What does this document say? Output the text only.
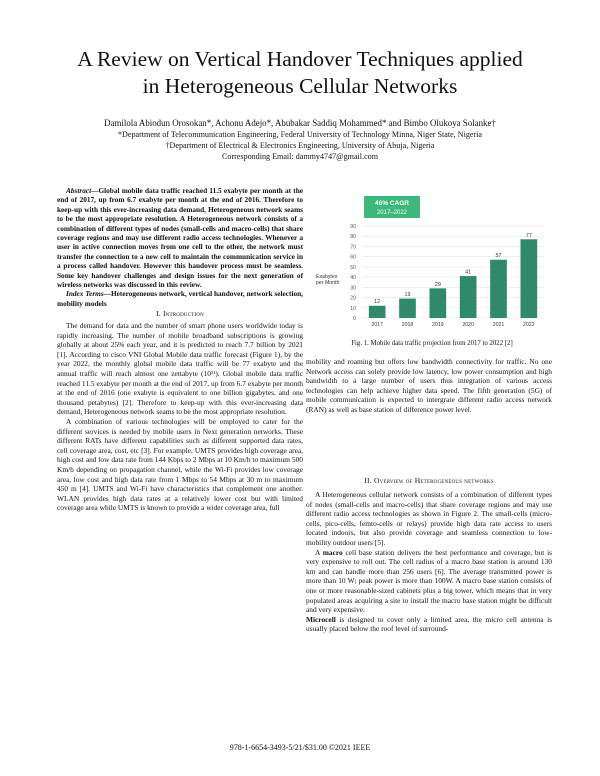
A Review on Vertical Handover Techniques applied
in Heterogeneous Cellular Networks
Damilola Abiodun Orosokan*, Achonu Adejo*, Abubakar Saddiq Mohammed* and Bimbo Olukoya Solanke†
*Department of Telecommunication Engineering, Federal University of Technology Minna, Niger State, Nigeria
†Department of Electrical & Electronics Engineering, University of Abuja, Nigeria
Corresponding Email: dammy4747@gmail.com

Abstract—Global mobile data traffic reached 11.5 exabyte per month at the end of 2017, up from 6.7 exabyte per month at the end of 2016. Therefore to keep-up with this ever-increasing data demand, Heterogeneous network seams to be the most appropriate resolution. A Heterogeneous network consists of a combination of different types of nodes (small-cells and macro-cells) that share coverage regions and may use different radio access technologies. Whenever a user in active connection moves from one cell to the other, the network must transfer the connection to a new cell to maintain the communication service in a process called handover. However this handover process must be seamless. Some key handover challenges and design issues for the next generation of wireless networks was discussed in this review.

Index Terms—Heterogeneous network, vertical handover, network selection, mobility models

I. Introduction

The demand for data and the number of smart phone users worldwide today is rapidly increasing. The number of mobile broadband subscriptions is growing globally at about 25% each year, and it is predicted to reach 7.7 billion by 2021 [1]. According to cisco VNI Global Mobile data traffic forecast (Figure 1), by the year 2022, the monthly global mobile data traffic will be 77 exabyte and the annual traffic will reach almost one zettabyte (10²¹). Global mobile data traffic reached 11.5 exabyte per month at the end of 2017, up from 6.7 exabyte per month at the end of 2016 (one exabyte is equivalent to one billion gigabytes, and one thousand petabytes) [2]. Therefore to keep-up with this ever-increasing data demand, Heterogeneous network seams to be the most appropriate resolution.

A combination of various technologies will be employed to cater for the different services is needed by mobile users in Next generation networks. These different RATs have different capabilities such as different supported data rates, cell coverage area, cost, etc [3]. For example, UMTS provides high coverage area, high cost and low data rate from 144 Kbps to 2 Mbps at 10 Km/h to maximum 500 Km/h depending on propagation channel, while the Wi-Fi provides low coverage area, low cost and high data rate from 1 Mbps to 54 Mbps at 30 m to maximum 450 m [4]. UMTS and Wi-Fi have characteristics that complement one another. WLAN provides high data rates at a relatively lower cost but with limited coverage area while UMTS is known to provide a wider coverage area, full

0
10
20
30
40
50
60
70
80
90
12
19
29
41
57
77
2017	2018	2019	2020	2021	2022
46% CAGR
2017–2022
Exabytes per Month
Fig. 1. Mobile data traffic projection from 2017 to 2022 [2]

mobility and roaming but offers low bandwidth connectivity for traffic. No one Network access can solely provide low latency, low power consumption and high bandwidth to a large number of users thus integration of various access technologies can help achieve higher data speed. The fifth generation (5G) of mobile communication is expected to intergrate different radio access network (RAN) as well as base station of difference power level.

II. Overview of Heterogeneous networks

A Heterogeneous cellular network consists of a combination of different types of nodes (small-cells and macro-cells) that share coverage regions and may use different radio access technologies as shown in Figure 2. The small-cells (micro-cells, pico-cells, femto-cells or relays) provide high data rate access to users located indoors, but also provide coverage and seamless connection to low-mobility outdoor users [5].

A macro cell base station delivers the best performance and coverage, but is very expensive to roll out. The cell radius of a macro base station is around 130 km and can handle more than 256 users [6]. The average transmitted power is more than 10 W; peak power is more than 100W. A macro base station consists of one or more reasonable-sized cabinets plus a big tower, which means that in very populated areas acquiring a site to install the macro base station might be difficult and very expensive.

Microcell is designed to cover only a limited area, the micro cell antenna is usually placed below the roof level of surround-

978-1-6654-3493-5/21/$31.00 ©2021 IEEE
